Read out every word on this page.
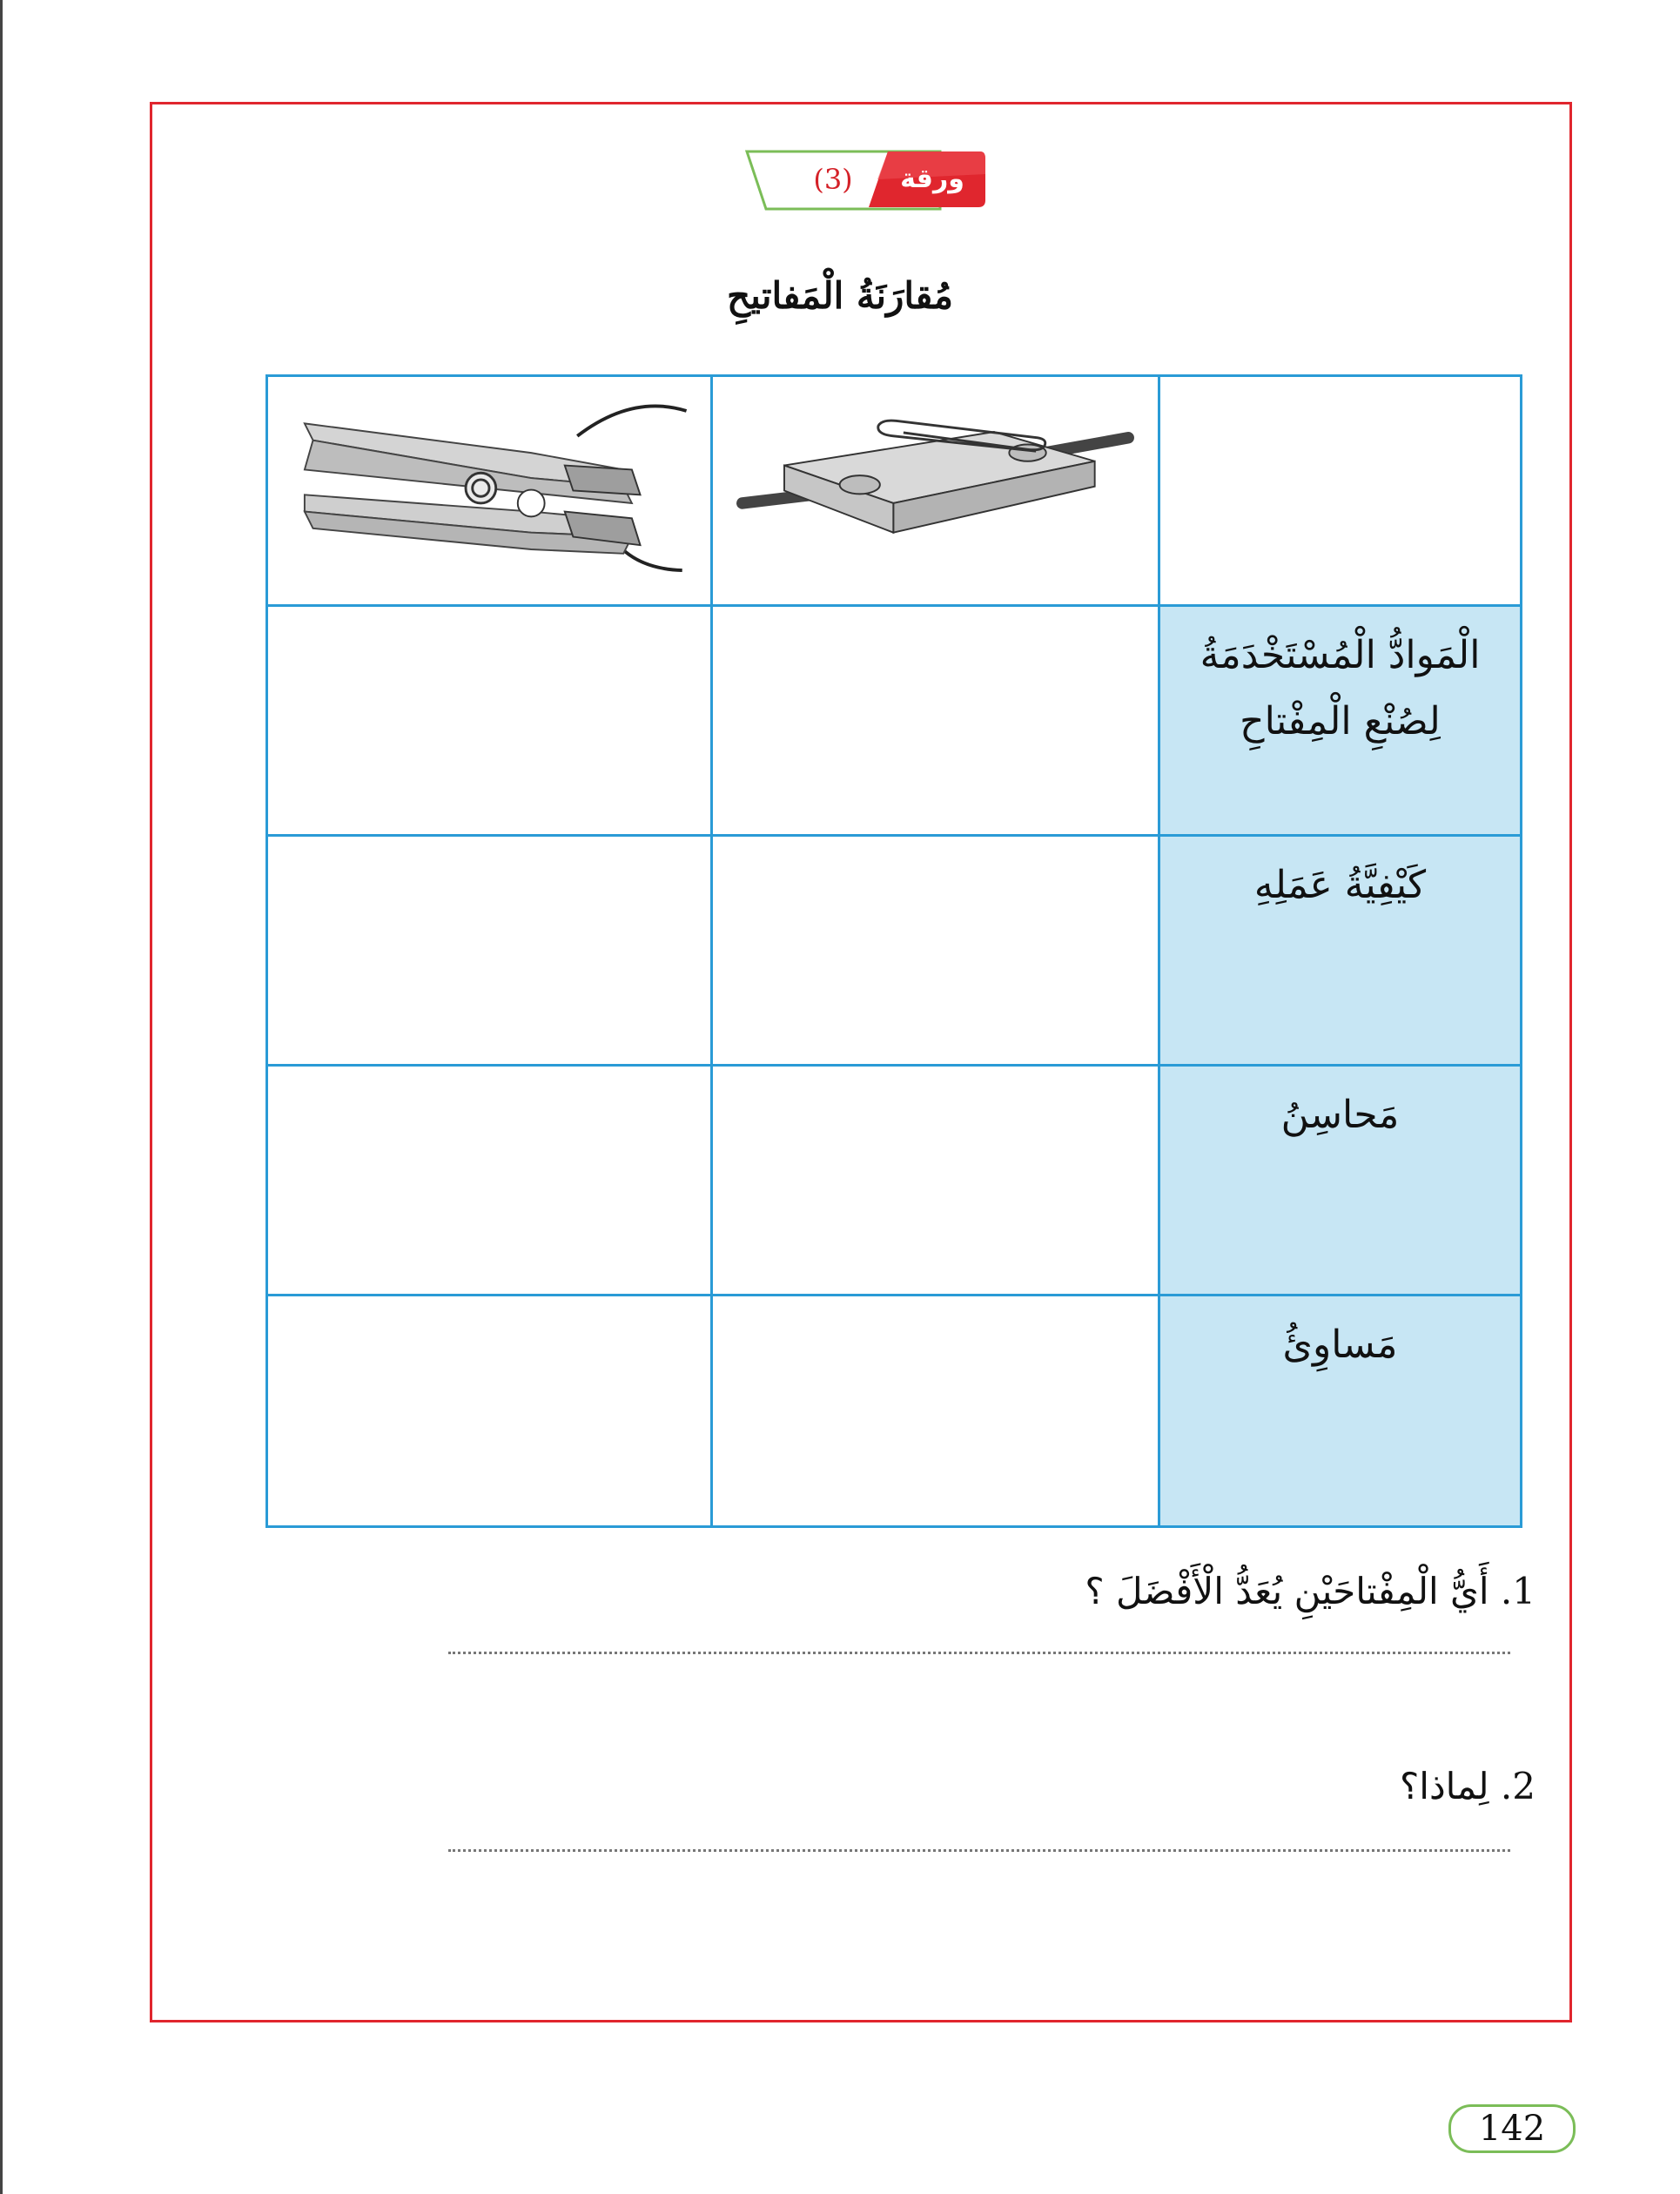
(3)	ورقة عمل
مُقارَنَةُ الْمَفاتيحِ
الْمَوادُّ الْمُسْتَخْدَمَةُ
لِصُنْعِ الْمِفْتاحِ
كَيْفِيَّةُ عَمَلِهِ
مَحاسِنُ
مَساوِئُ
1. أَيُّ الْمِفْتاحَيْنِ يُعَدُّ الْأَفْضَلَ ؟
2. لِماذا؟
142
